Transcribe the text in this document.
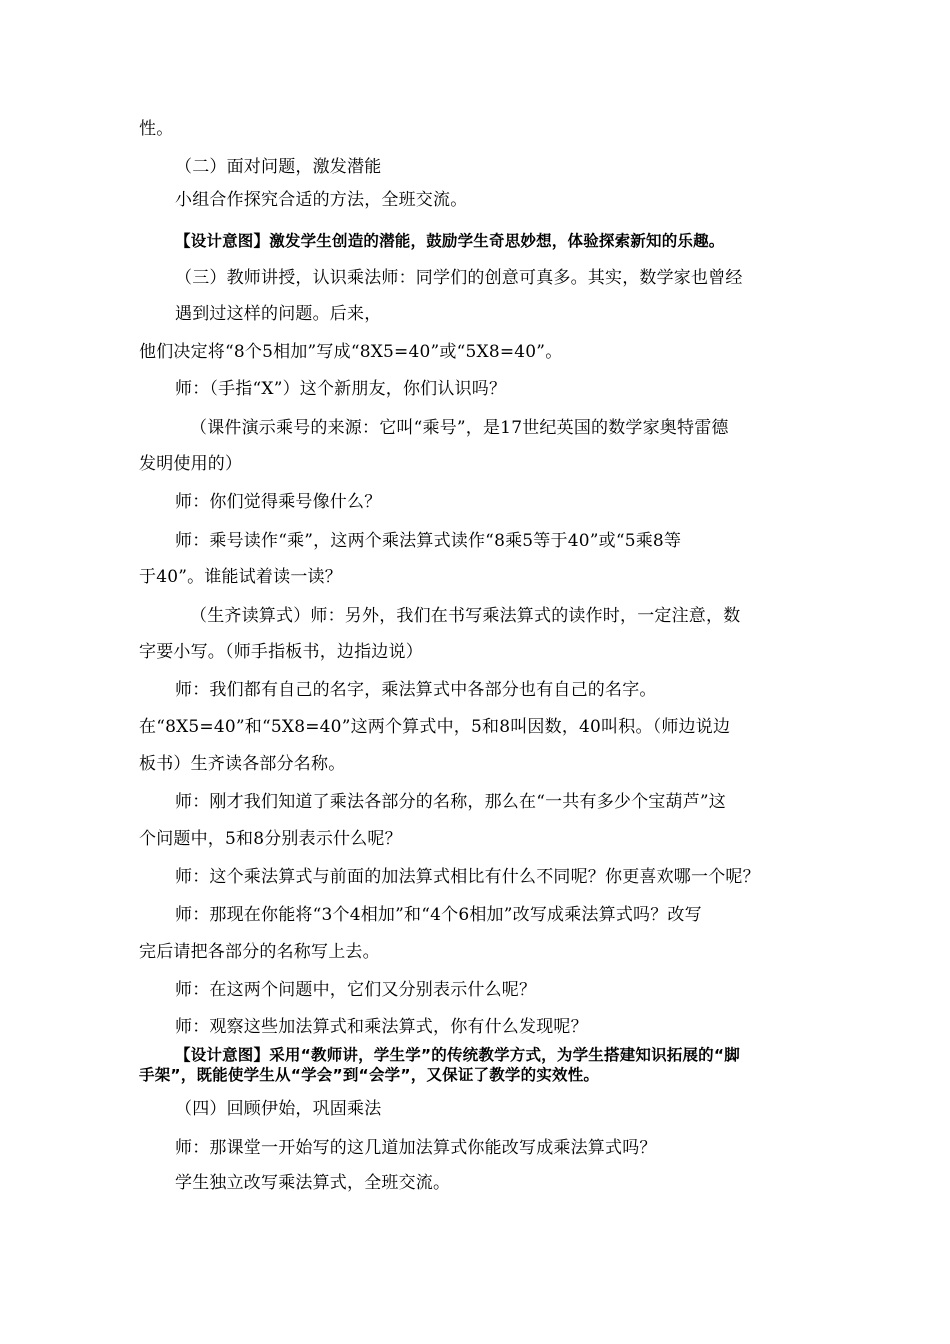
性。
（二）面对问题，激发潜能
小组合作探究合适的方法，全班交流。
【设计意图】激发学生创造的潜能，鼓励学生奇思妙想，体验探索新知的乐趣。
（三）教师讲授，认识乘法师：同学们的创意可真多。其实，数学家也曾经
遇到过这样的问题。后来，
他们决定将“8个5相加”写成“8X5=40”或“5X8=40”。
师：（手指“X”）这个新朋友，你们认识吗？
（课件演示乘号的来源：它叫“乘号”，是17世纪英国的数学家奥特雷德
发明使用的）
师：你们觉得乘号像什么？
师：乘号读作“乘”，这两个乘法算式读作“8乘5等于40”或“5乘8等
于40”。谁能试着读一读？
（生齐读算式）师：另外，我们在书写乘法算式的读作时，一定注意，数
字要小写。（师手指板书，边指边说）
师：我们都有自己的名字，乘法算式中各部分也有自己的名字。
在“8X5=40”和“5X8=40”这两个算式中，5和8叫因数，40叫积。（师边说边
板书）生齐读各部分名称。
师：刚才我们知道了乘法各部分的名称，那么在“一共有多少个宝葫芦”这
个问题中，5和8分别表示什么呢？
师：这个乘法算式与前面的加法算式相比有什么不同呢？你更喜欢哪一个呢？
师：那现在你能将“3个4相加”和“4个6相加”改写成乘法算式吗？改写
完后请把各部分的名称写上去。
师：在这两个问题中，它们又分别表示什么呢？
师：观察这些加法算式和乘法算式，你有什么发现呢？
【设计意图】采用“教师讲，学生学”的传统教学方式，为学生搭建知识拓展的“脚
手架”，既能使学生从“学会”到“会学”，又保证了教学的实效性。
（四）回顾伊始，巩固乘法
师：那课堂一开始写的这几道加法算式你能改写成乘法算式吗？
学生独立改写乘法算式，全班交流。
